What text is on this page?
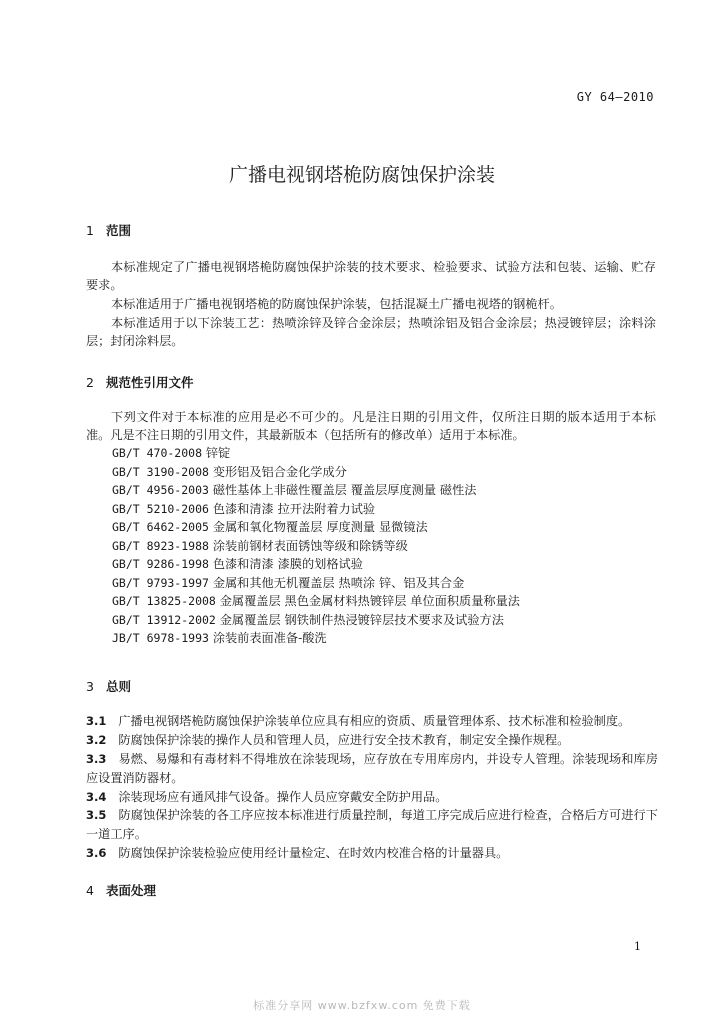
GY 64—2010
广播电视钢塔桅防腐蚀保护涂装
1 范围
本标准规定了广播电视钢塔桅防腐蚀保护涂装的技术要求、检验要求、试验方法和包装、运输、贮存要求。
本标准适用于广播电视钢塔桅的防腐蚀保护涂装，包括混凝土广播电视塔的钢桅杆。
本标准适用于以下涂装工艺：热喷涂锌及锌合金涂层；热喷涂铝及铝合金涂层；热浸镀锌层；涂料涂层；封闭涂料层。
2 规范性引用文件
下列文件对于本标准的应用是必不可少的。凡是注日期的引用文件，仅所注日期的版本适用于本标准。凡是不注日期的引用文件，其最新版本（包括所有的修改单）适用于本标准。
GB/T 470-2008 锌锭
GB/T 3190-2008 变形铝及铝合金化学成分
GB/T 4956-2003 磁性基体上非磁性覆盖层 覆盖层厚度测量 磁性法
GB/T 5210-2006 色漆和清漆 拉开法附着力试验
GB/T 6462-2005 金属和氧化物覆盖层 厚度测量 显微镜法
GB/T 8923-1988 涂装前钢材表面锈蚀等级和除锈等级
GB/T 9286-1998 色漆和清漆 漆膜的划格试验
GB/T 9793-1997 金属和其他无机覆盖层 热喷涂 锌、铝及其合金
GB/T 13825-2008 金属覆盖层 黑色金属材料热镀锌层 单位面积质量称量法
GB/T 13912-2002 金属覆盖层 钢铁制件热浸镀锌层技术要求及试验方法
JB/T 6978-1993 涂装前表面准备-酸洗
3 总则
3.1 广播电视钢塔桅防腐蚀保护涂装单位应具有相应的资质、质量管理体系、技术标准和检验制度。
3.2 防腐蚀保护涂装的操作人员和管理人员，应进行安全技术教育，制定安全操作规程。
3.3 易燃、易爆和有毒材料不得堆放在涂装现场，应存放在专用库房内，并设专人管理。涂装现场和库房应设置消防器材。
3.4 涂装现场应有通风排气设备。操作人员应穿戴安全防护用品。
3.5 防腐蚀保护涂装的各工序应按本标准进行质量控制，每道工序完成后应进行检查，合格后方可进行下一道工序。
3.6 防腐蚀保护涂装检验应使用经计量检定、在时效内校准合格的计量器具。
4 表面处理
1
标准分享网 www.bzfxw.com 免费下载
